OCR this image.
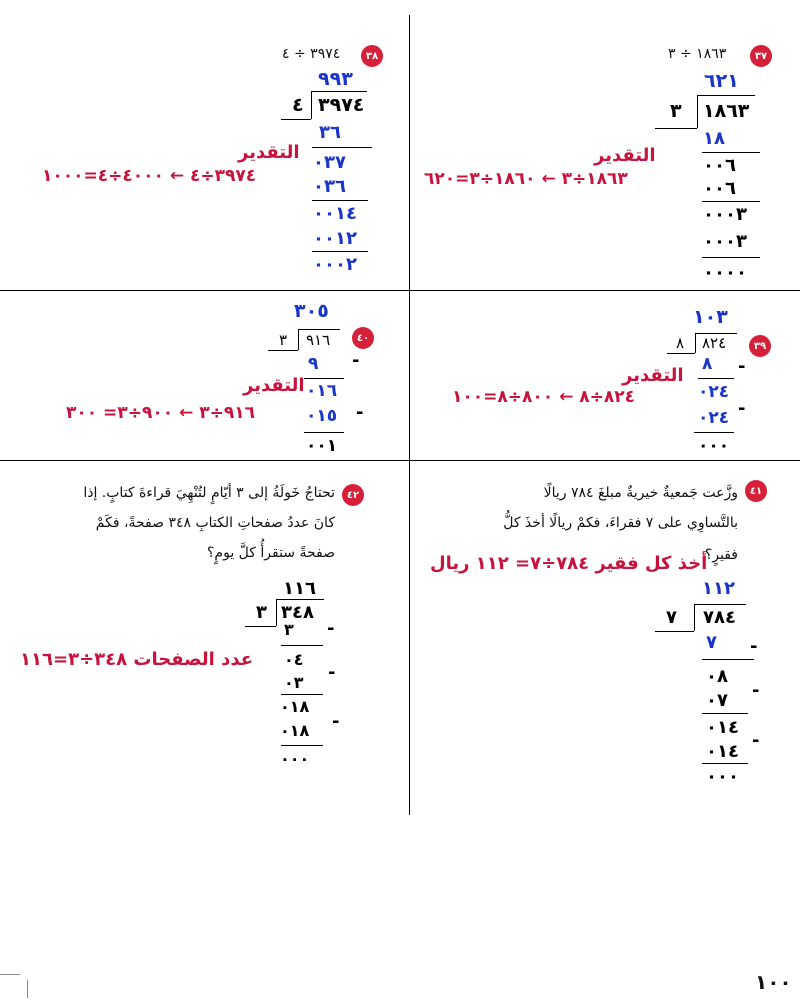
٣٨
٣٩٧٤ ÷ ٤
٩٩٣
٤ ٣٩٧٤
٣٦
٠٣٧
٠٣٦
٠٠١٤
٠٠١٢
٠٠٠٢
التقدير
٣٩٧٤÷٤ ← ٤٠٠٠÷٤=١٠٠٠
٣٧
١٨٦٣ ÷ ٣
٦٢١
٣ ١٨٦٣
١٨
٠٠٦
٠٠٦
٠٠٠٣
٠٠٠٣
٠٠٠٠
التقدير
١٨٦٣÷٣ ← ١٨٦٠÷٣=٦٢٠
٤٠
٣٠٥
٣ ٩١٦
٩ -
٠١٦
٠١٥ -
٠٠١
التقدير
٩١٦÷٣ ← ٩٠٠÷٣= ٣٠٠
٣٩
١٠٣
٨ ٨٢٤
٨ -
٠٢٤
٠٢٤ -
٠٠٠
التقدير
٨٢٤÷٨ ← ٨٠٠÷٨=١٠٠
٤٢
تحتاجُ خَولَةُ إلى ٣ أيّامٍ لتُنْهِيَ قراءةَ كتابٍ. إذا
كانَ عددُ صفحاتِ الكتابِ ٣٤٨ صفحةً، فكَمْ
صفحةً ستقرأُ كلَّ يومٍ؟
١١٦
٣ ٣٤٨
٣ -
٠٤
٠٣ -
٠١٨
٠١٨ -
٠٠٠
عدد الصفحات ٣٤٨÷٣=١١٦
٤١
وزَّعت جَمعيةٌ خيريةٌ مبلغَ ٧٨٤ ريالًا
بالتَّساوِي على ٧ فقراءَ، فكمْ ريالًا أخذَ كلُّ
فقيرٍ؟
أخذ كل فقير ٧٨٤÷٧= ١١٢ ريال
١١٢
٧ ٧٨٤
٧ -
٠٨
٠٧ -
٠١٤
٠١٤
-
٠٠٠
١٠٠
